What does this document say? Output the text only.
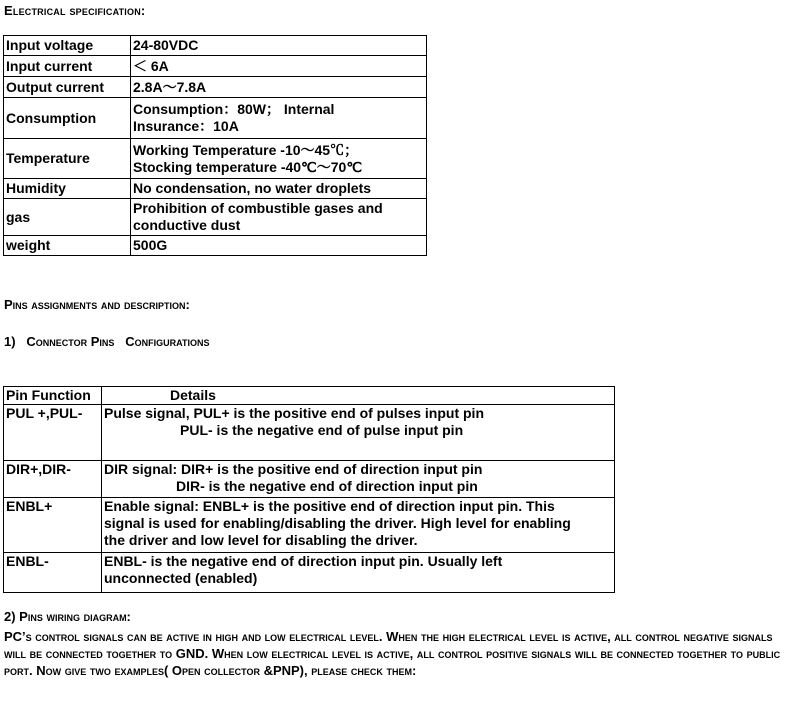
Electrical specification:
Input voltage	24-80VDC

Input current	＜ 6A

Output current	2.8A～7.8A

Consumption	Consumption：80W； Internal
Insurance：10A

Temperature	Working Temperature -10～45℃；
Stocking temperature -40℃～70℃

Humidity	No condensation, no water droplets

gas	Prohibition of combustible gases and
conductive dust

weight	500G
Pins assignments and description:
1)   Connector Pins   Configurations
Pin Function	Details
PUL +,PUL-	Pulse signal, PUL+ is the positive end of pulses input pin
PUL- is the negative end of pulse input pin

DIR+,DIR-	DIR signal: DIR+ is the positive end of direction input pin
DIR- is the negative end of direction input pin

ENBL+	Enable signal: ENBL+ is the positive end of direction input pin. This
signal is used for enabling/disabling the driver. High level for enabling
the driver and low level for disabling the driver.

ENBL-	ENBL- is the negative end of direction input pin. Usually left
unconnected (enabled)
2) Pins wiring diagram:
PC’s control signals can be active in high and low electrical level. When the high electrical level is active, all control negative signals will be connected together to GND. When low electrical level is active, all control positive signals will be connected together to public port. Now give two examples( Open collector &PNP), please check them:
